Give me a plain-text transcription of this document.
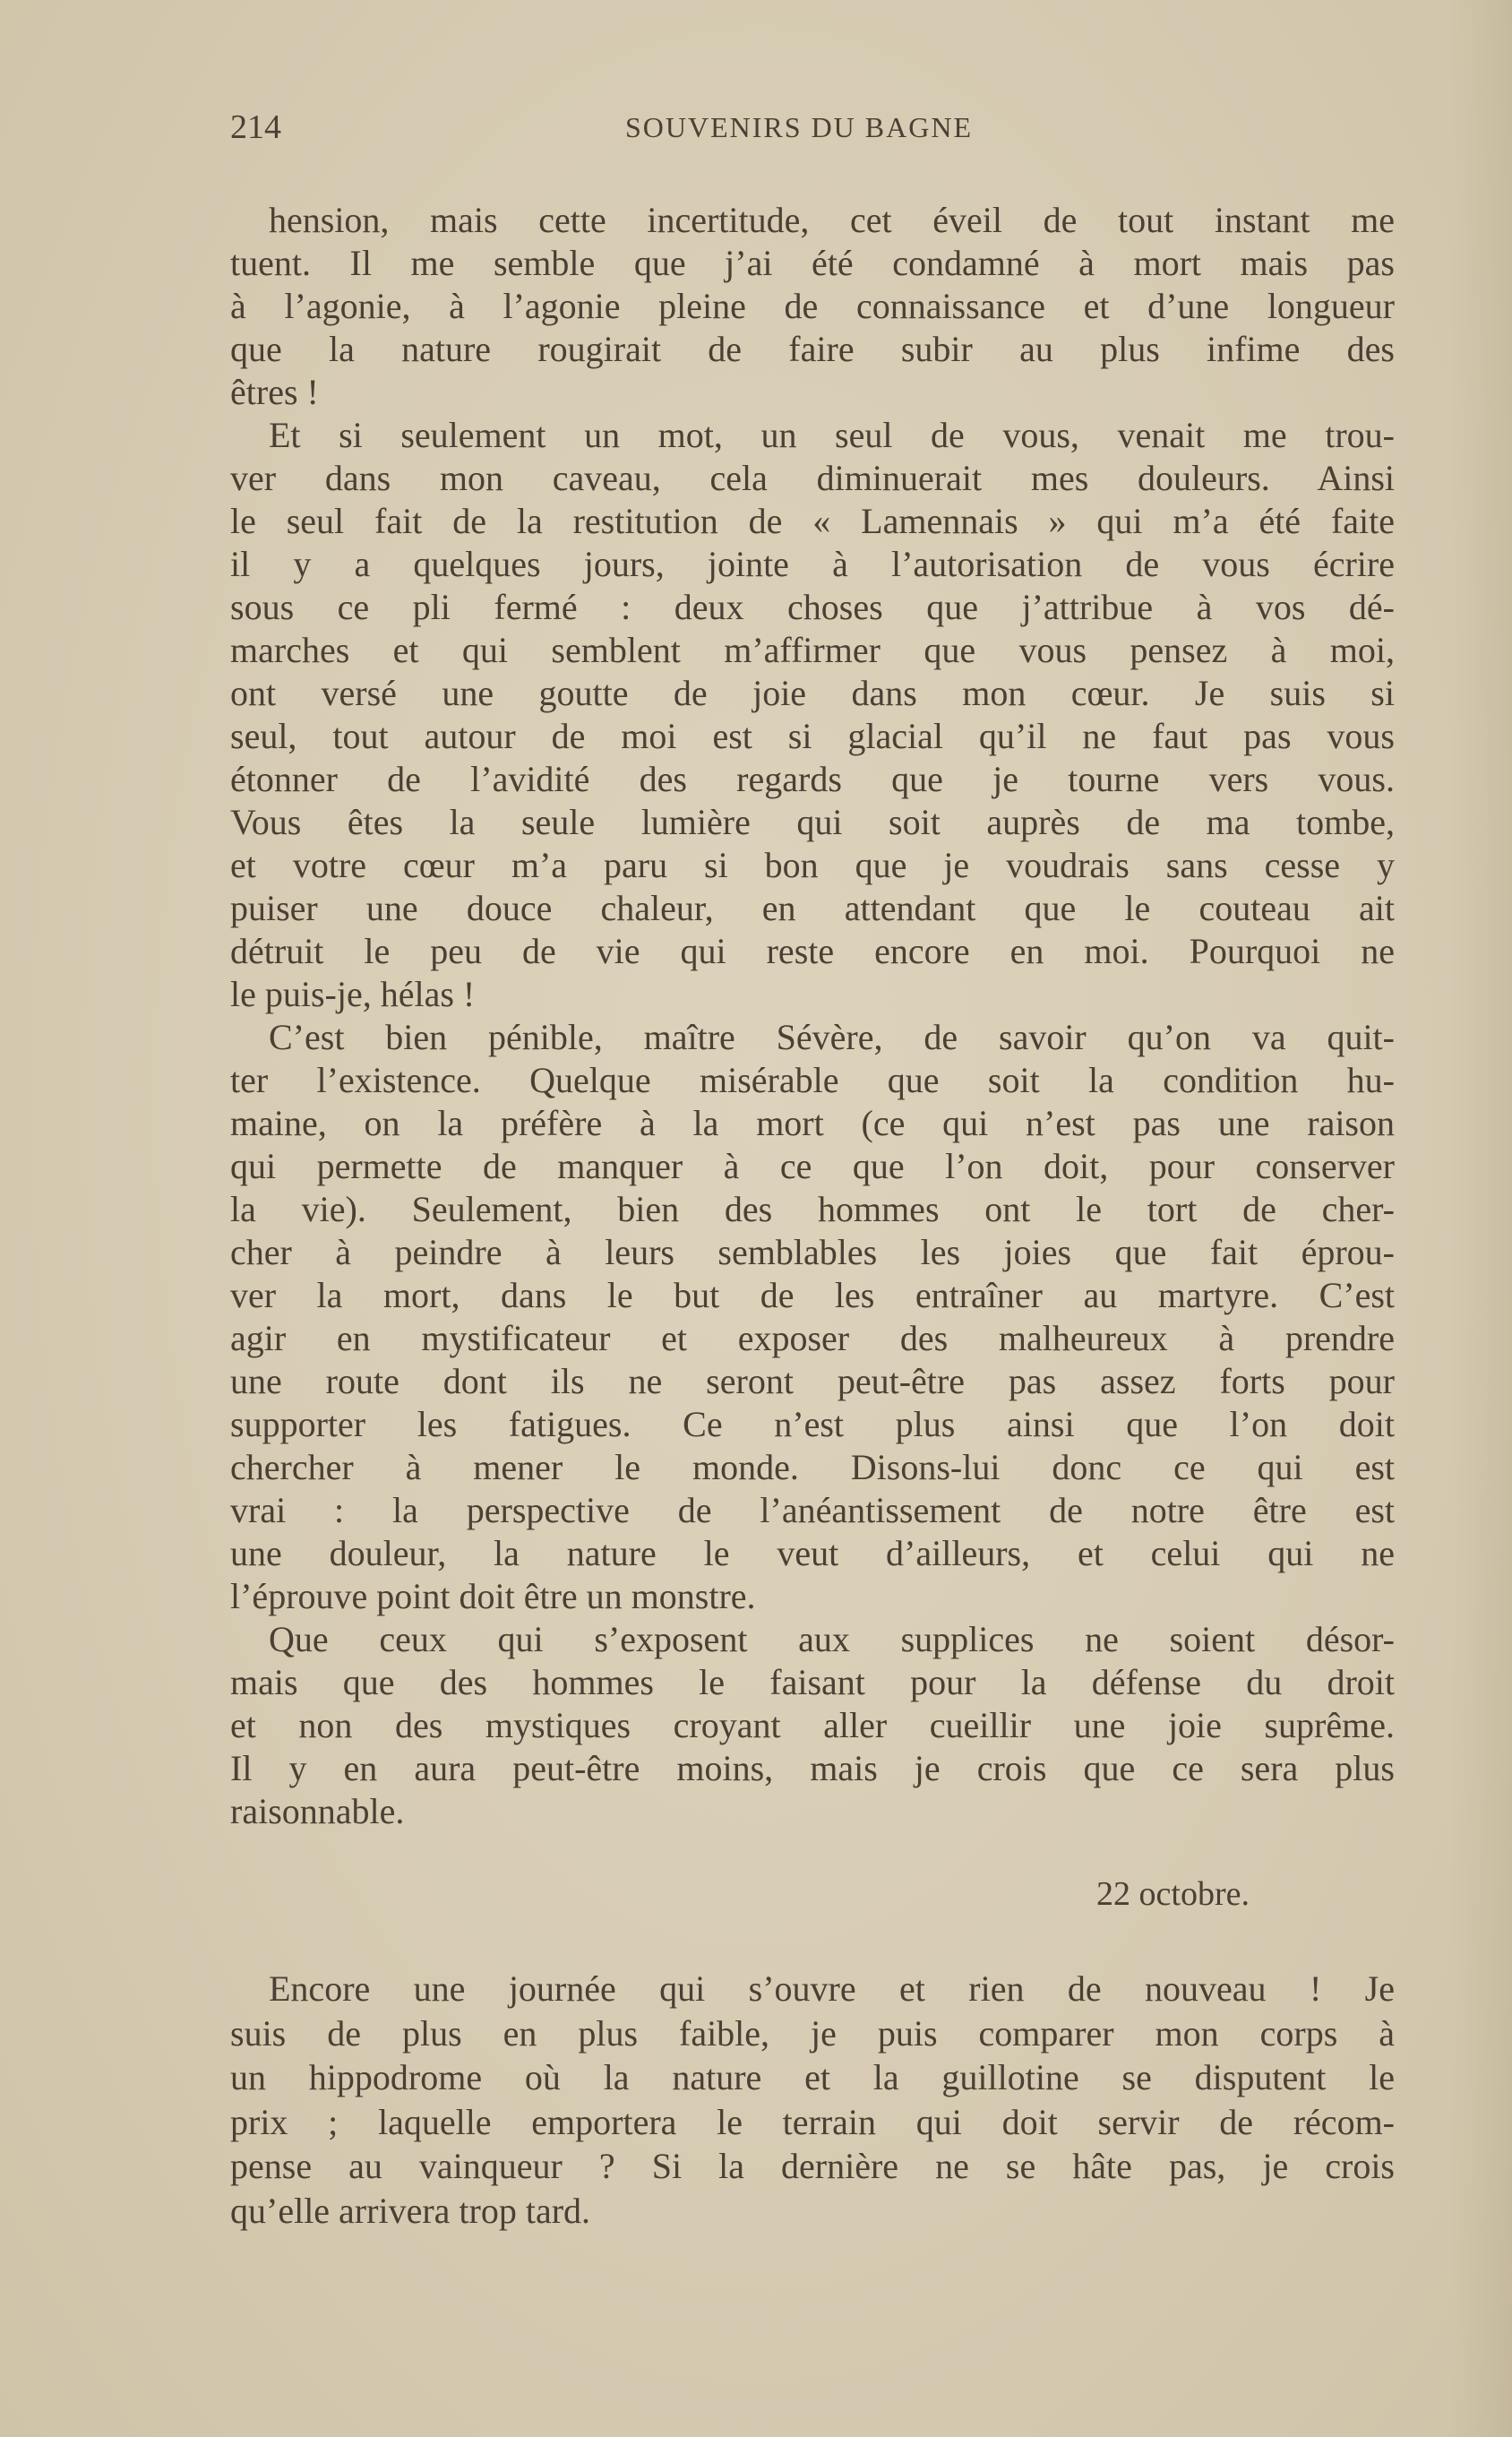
214	SOUVENIRS DU BAGNE
hension, mais cette incertitude, cet éveil de tout instant me
tuent. Il me semble que j’ai été condamné à mort mais pas
à l’agonie, à l’agonie pleine de connaissance et d’une longueur
que la nature rougirait de faire subir au plus infime des
êtres !
Et si seulement un mot, un seul de vous, venait me trou-
ver dans mon caveau, cela diminuerait mes douleurs. Ainsi
le seul fait de la restitution de « Lamennais » qui m’a été faite
il y a quelques jours, jointe à l’autorisation de vous écrire
sous ce pli fermé : deux choses que j’attribue à vos dé-
marches et qui semblent m’affirmer que vous pensez à moi,
ont versé une goutte de joie dans mon cœur. Je suis si
seul, tout autour de moi est si glacial qu’il ne faut pas vous
étonner de l’avidité des regards que je tourne vers vous.
Vous êtes la seule lumière qui soit auprès de ma tombe,
et votre cœur m’a paru si bon que je voudrais sans cesse y
puiser une douce chaleur, en attendant que le couteau ait
détruit le peu de vie qui reste encore en moi. Pourquoi ne
le puis-je, hélas !
C’est bien pénible, maître Sévère, de savoir qu’on va quit-
ter l’existence. Quelque misérable que soit la condition hu-
maine, on la préfère à la mort (ce qui n’est pas une raison
qui permette de manquer à ce que l’on doit, pour conserver
la vie). Seulement, bien des hommes ont le tort de cher-
cher à peindre à leurs semblables les joies que fait éprou-
ver la mort, dans le but de les entraîner au martyre. C’est
agir en mystificateur et exposer des malheureux à prendre
une route dont ils ne seront peut-être pas assez forts pour
supporter les fatigues. Ce n’est plus ainsi que l’on doit
chercher à mener le monde. Disons-lui donc ce qui est
vrai : la perspective de l’anéantissement de notre être est
une douleur, la nature le veut d’ailleurs, et celui qui ne
l’éprouve point doit être un monstre.
Que ceux qui s’exposent aux supplices ne soient désor-
mais que des hommes le faisant pour la défense du droit
et non des mystiques croyant aller cueillir une joie suprême.
Il y en aura peut-être moins, mais je crois que ce sera plus
raisonnable.
22 octobre.
Encore une journée qui s’ouvre et rien de nouveau ! Je
suis de plus en plus faible, je puis comparer mon corps à
un hippodrome où la nature et la guillotine se disputent le
prix ; laquelle emportera le terrain qui doit servir de récom-
pense au vainqueur ? Si la dernière ne se hâte pas, je crois
qu’elle arrivera trop tard.
